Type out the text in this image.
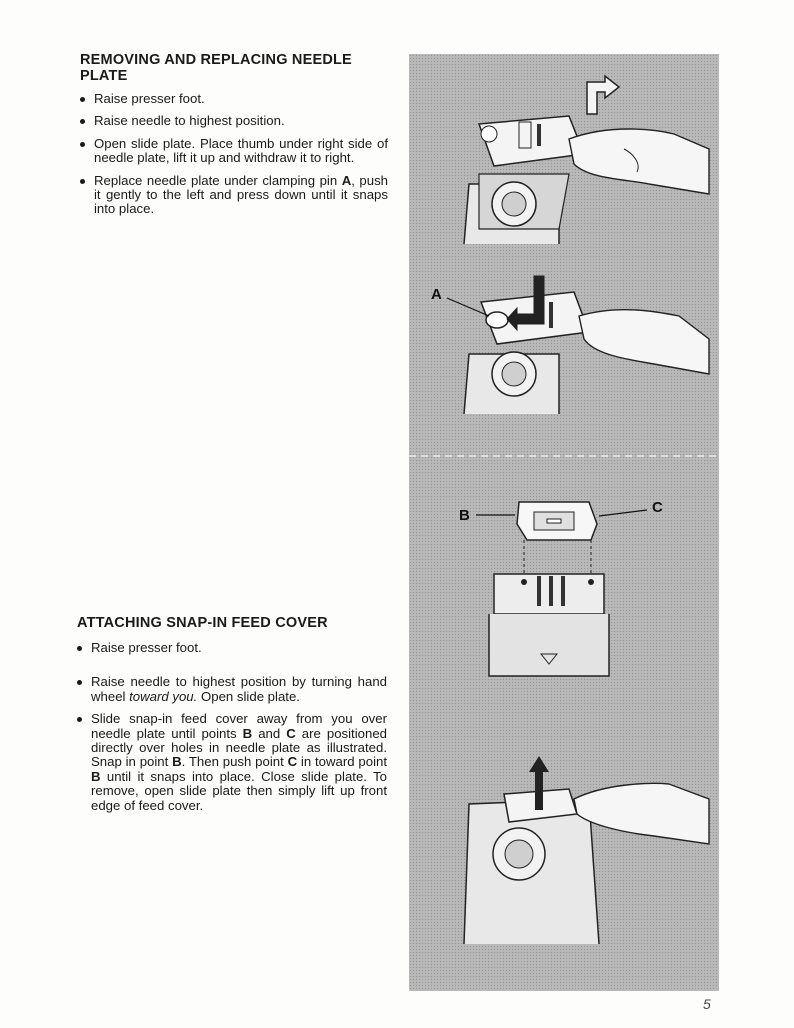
REMOVING AND REPLACING NEEDLE PLATE
Raise presser foot.
Raise needle to highest position.
Open slide plate. Place thumb under right side of needle plate, lift it up and withdraw it to right.
Replace needle plate under clamping pin A, push it gently to the left and press down until it snaps into place.
ATTACHING SNAP-IN FEED COVER
Raise presser foot.
Raise needle to highest position by turning hand wheel toward you. Open slide plate.
Slide snap-in feed cover away from you over needle plate until points B and C are positioned directly over holes in needle plate as illustrated. Snap in point B. Then push point C in toward point B until it snaps into place. Close slide plate. To remove, open slide plate then simply lift up front edge of feed cover.
A
B	C
5
